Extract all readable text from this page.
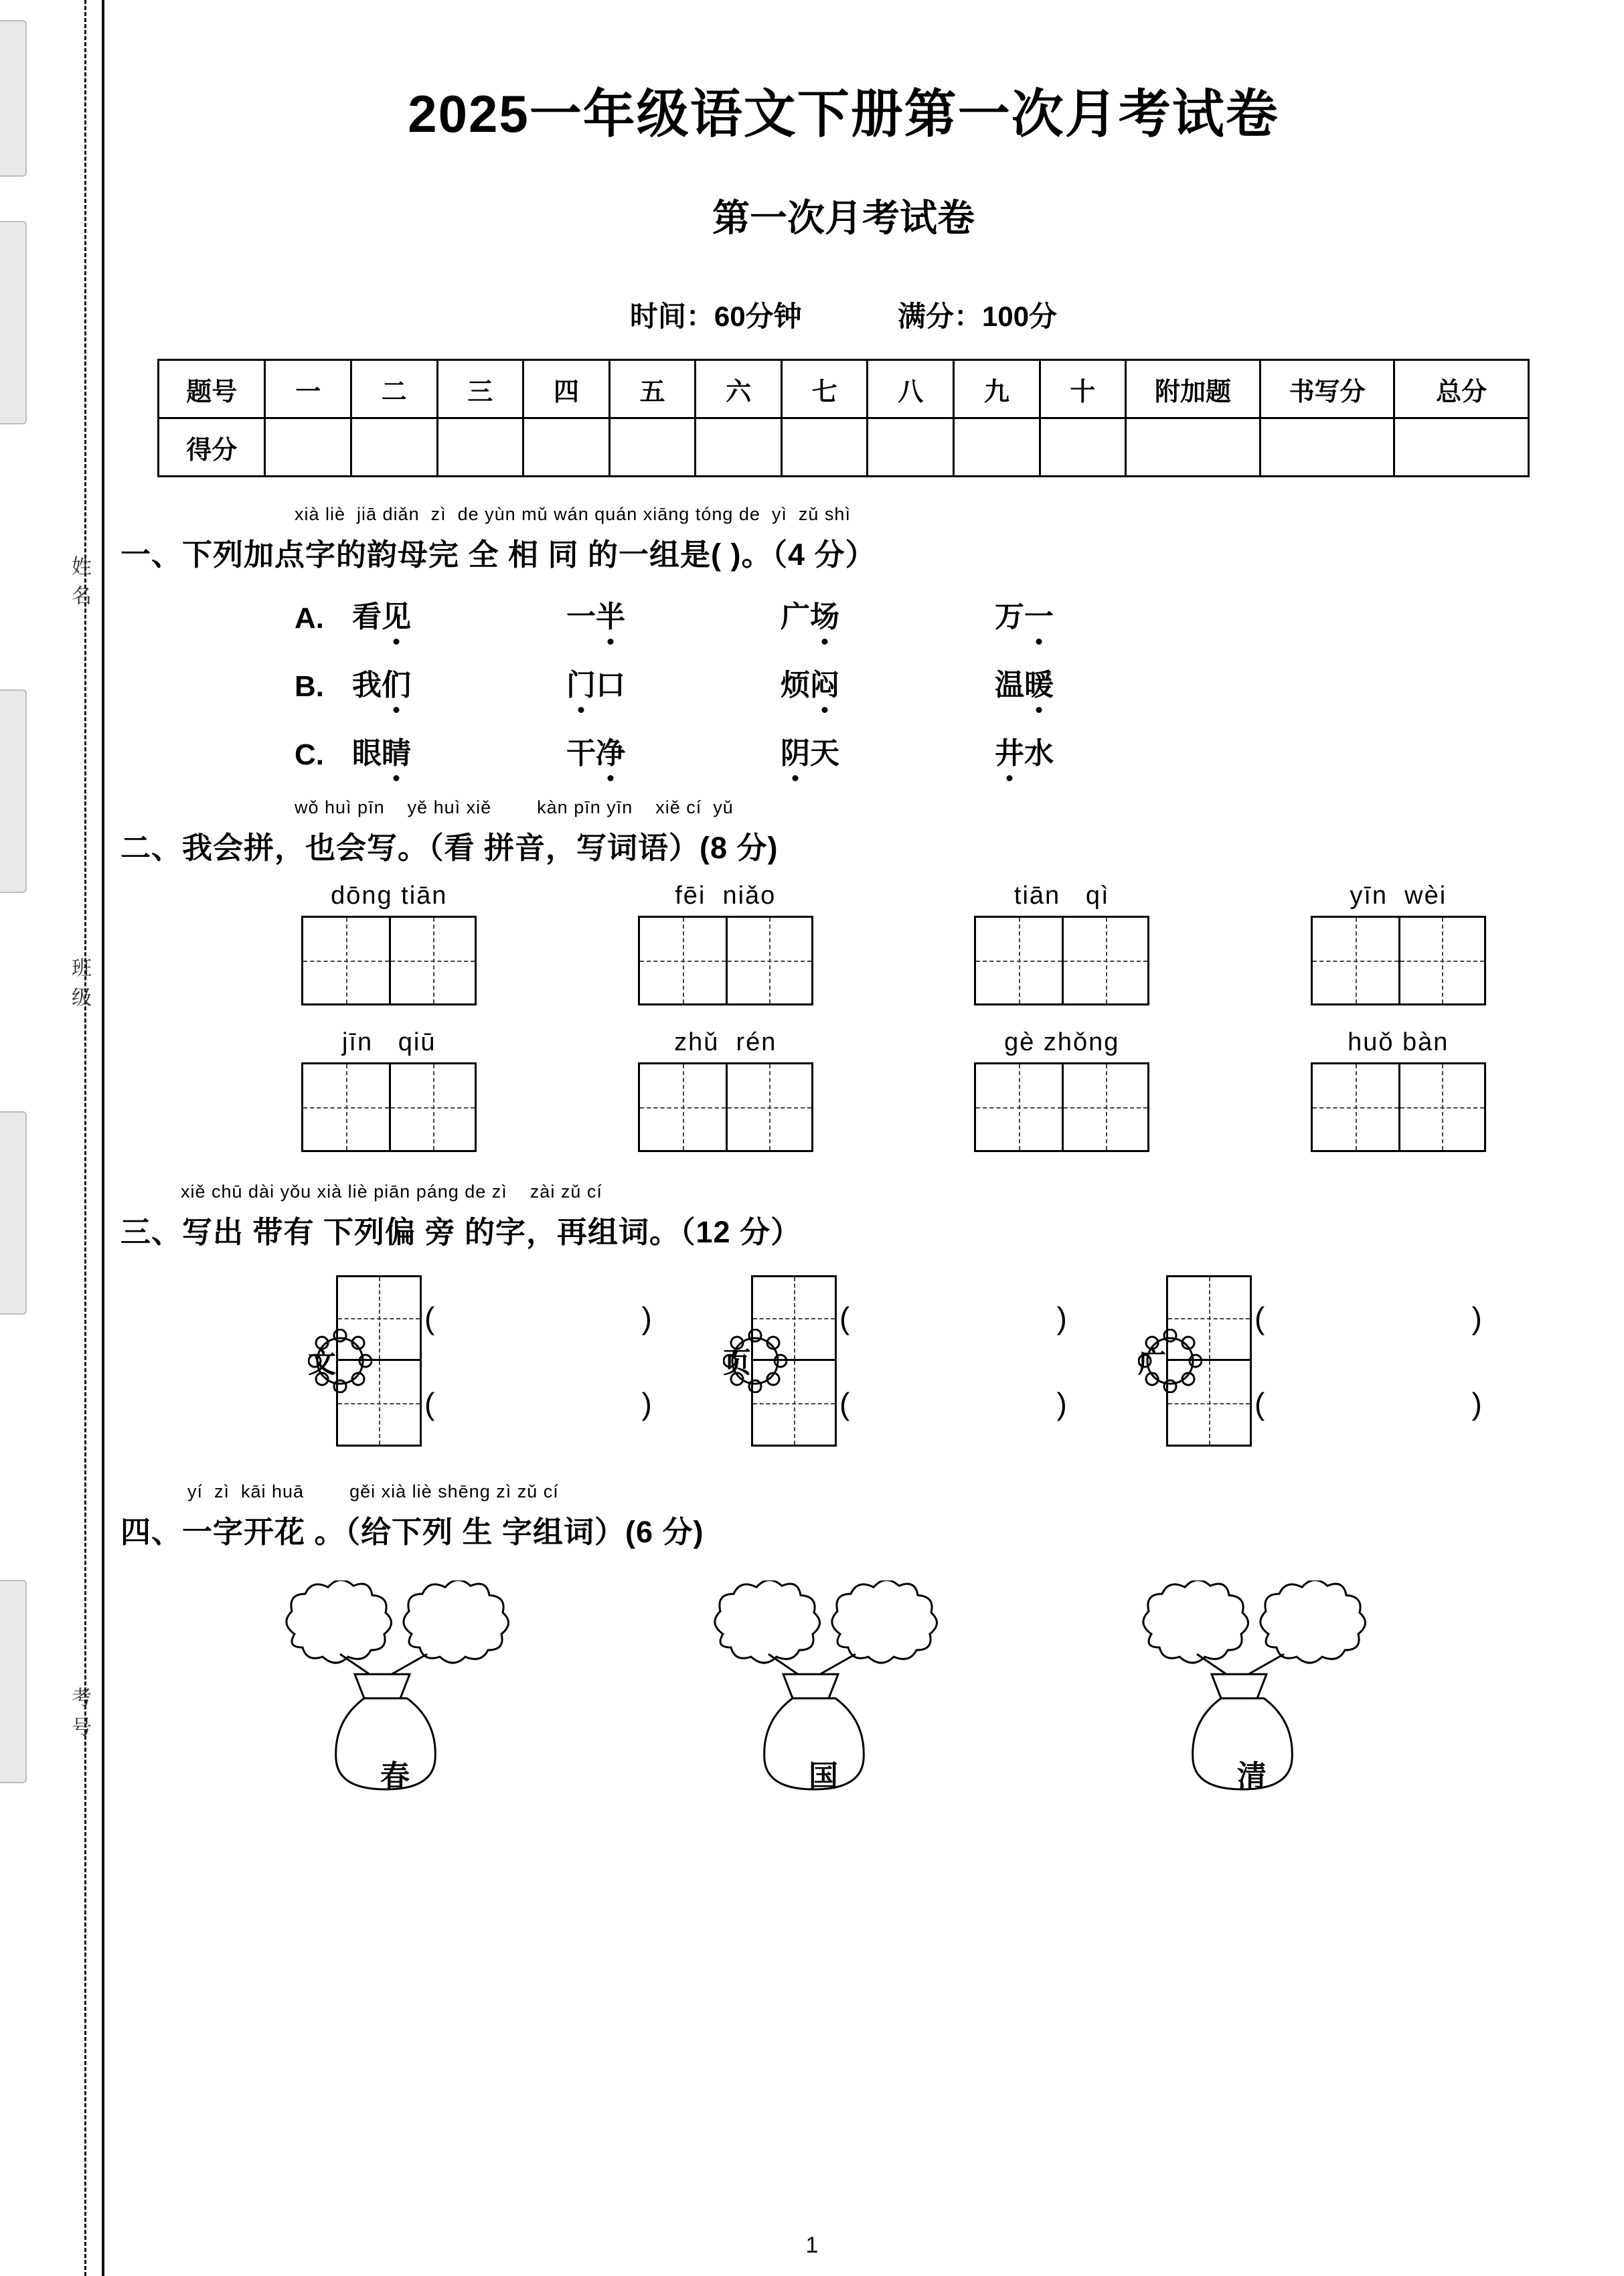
班级
姓名
考号
2025一年级语文下册第一次月考试卷
第一次月考试卷
时间：60分钟	满分：100分
题号	一	二	三	四	五	六	七	八	九	十	附加题	书写分	总分
得分													
xià liè  jiā diǎn  zì  de yùn mǔ wán quán xiāng tóng de  yì  zǔ shì
一、下列加点字的韵母完 全 相 同 的一组是( )。（4 分）
A. 看见	一半	广场	万一
B. 我们	门口	烦闷	温暖
C. 眼睛	干净	阴天	井水
wǒ huì pīn    yě huì xiě        kàn pīn yīn    xiě cí  yǔ
二、我会拼，也会写。（看 拼音，写词语）(8 分)
dōng tiān	fēi  niǎo	tiān   qì	yīn  wèi
jīn   qiū	zhǔ  rén	gè zhǒng	huǒ bàn
xiě chū dài yǒu xià liè piān páng de zì    zài zǔ cí
三、写出 带有 下列偏 旁 的字，再组词。（12 分）
文
( )
( )
页
( )
( )
广
( )
( )
yí  zì  kāi huā        gěi xià liè shēng zì zǔ cí
四、一字开花 。（给下列 生 字组词）(6 分)
春	国	清
1
